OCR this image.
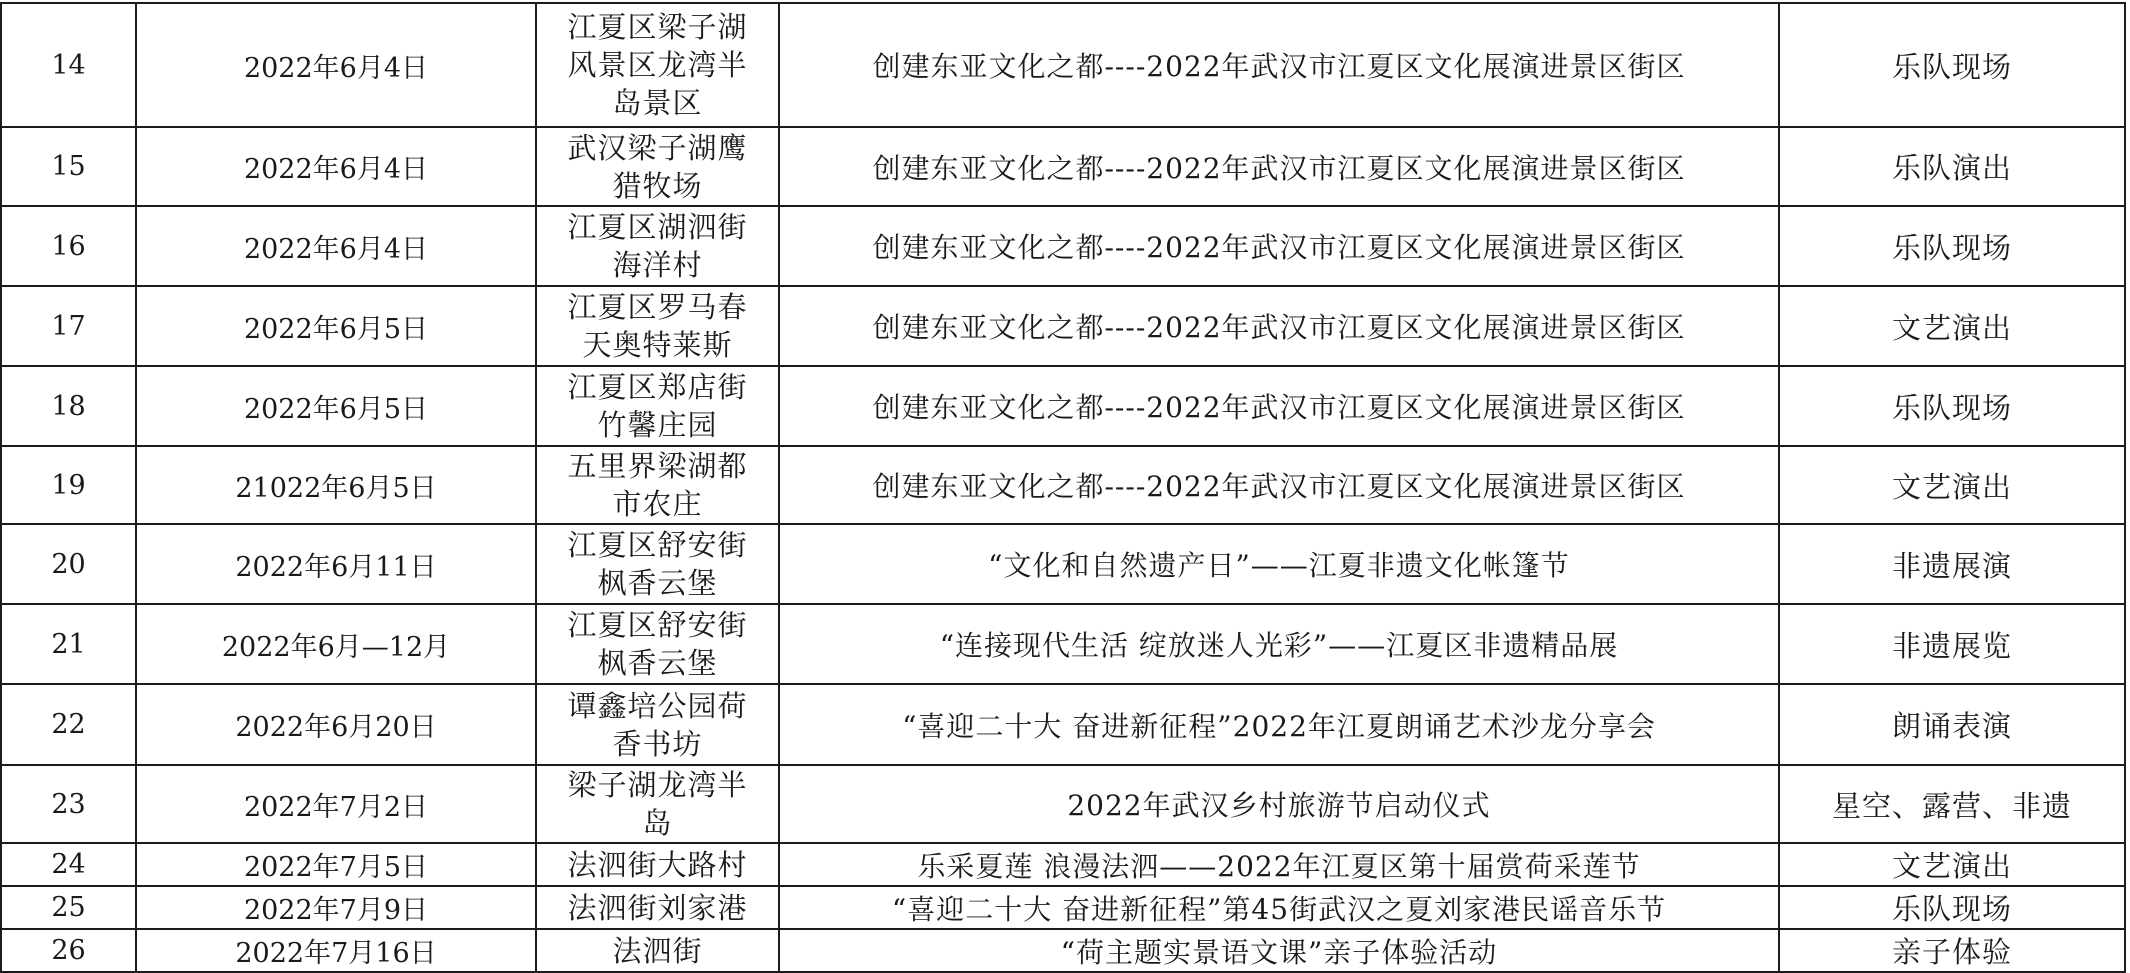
14	2022年6月4日	江夏区梁子湖风景区龙湾半岛景区	创建东亚文化之都----2022年武汉市江夏区文化展演进景区街区	乐队现场
15	2022年6月4日	武汉梁子湖鹰猎牧场	创建东亚文化之都----2022年武汉市江夏区文化展演进景区街区	乐队演出
16	2022年6月4日	江夏区湖泗街海洋村	创建东亚文化之都----2022年武汉市江夏区文化展演进景区街区	乐队现场
17	2022年6月5日	江夏区罗马春天奥特莱斯	创建东亚文化之都----2022年武汉市江夏区文化展演进景区街区	文艺演出
18	2022年6月5日	江夏区郑店街竹馨庄园	创建东亚文化之都----2022年武汉市江夏区文化展演进景区街区	乐队现场
19	21022年6月5日	五里界梁湖都市农庄	创建东亚文化之都----2022年武汉市江夏区文化展演进景区街区	文艺演出
20	2022年6月11日	江夏区舒安街枫香云堡	“文化和自然遗产日”——江夏非遗文化帐篷节	非遗展演
21	2022年6月—12月	江夏区舒安街枫香云堡	“连接现代生活 绽放迷人光彩”——江夏区非遗精品展	非遗展览
22	2022年6月20日	谭鑫培公园荷香书坊	“喜迎二十大 奋进新征程”2022年江夏朗诵艺术沙龙分享会	朗诵表演
23	2022年7月2日	梁子湖龙湾半岛	2022年武汉乡村旅游节启动仪式	星空、露营、非遗
24	2022年7月5日	法泗街大路村	乐采夏莲 浪漫法泗——2022年江夏区第十届赏荷采莲节	文艺演出
25	2022年7月9日	法泗街刘家港	“喜迎二十大 奋进新征程”第45街武汉之夏刘家港民谣音乐节	乐队现场
26	2022年7月16日	法泗街	“荷主题实景语文课”亲子体验活动	亲子体验
